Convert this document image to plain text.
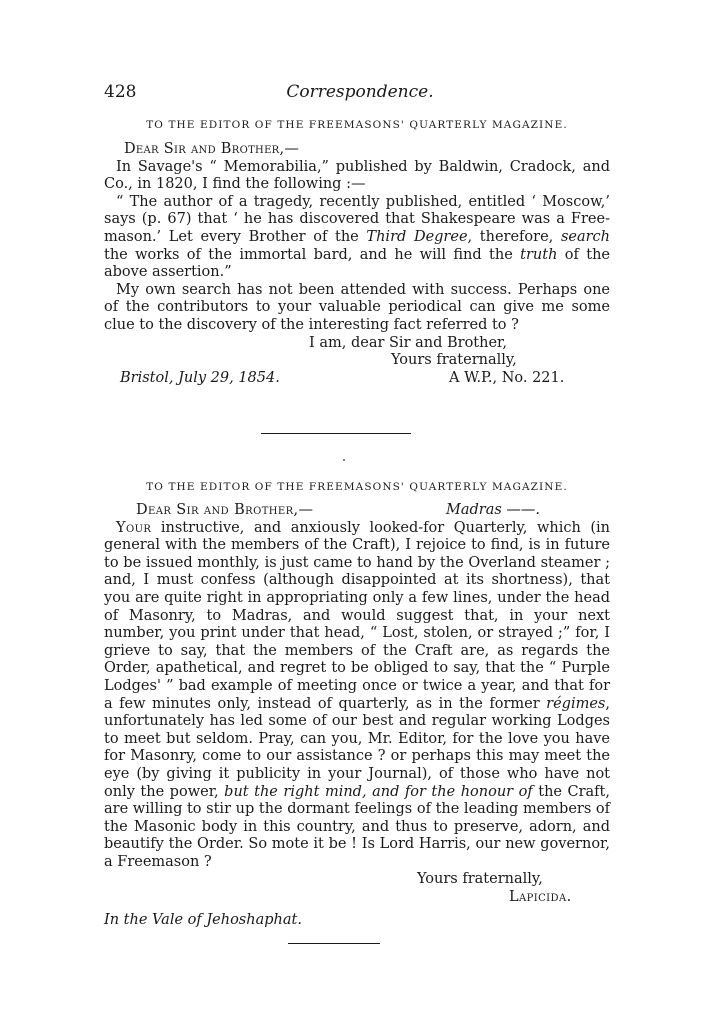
428	Correspondence.
TO THE EDITOR OF THE FREEMASONS' QUARTERLY MAGAZINE.
Dear Sir and Brother,—

In Savage's “ Memorabilia,” published by Baldwin, Cradock, and Co., in 1820, I find the following :—

“ The author of a tragedy, recently published, entitled ‘ Moscow,’ says (p. 67) that ‘ he has discovered that Shakespeare was a Free-mason.’ Let every Brother of the Third Degree, therefore, search the works of the immortal bard, and he will find the truth of the above assertion.”

My own search has not been attended with success. Perhaps one of the contributors to your valuable periodical can give me some clue to the discovery of the interesting fact referred to ?

I am, dear Sir and Brother,
Yours fraternally,
Bristol, July 29, 1854.	A W.P., No. 221.
TO THE EDITOR OF THE FREEMASONS' QUARTERLY MAGAZINE.
Dear Sir and Brother,—	Madras ——.

Your instructive, and anxiously looked-for Quarterly, which (in general with the members of the Craft), I rejoice to find, is in future to be issued monthly, is just came to hand by the Overland steamer ; and, I must confess (although disappointed at its shortness), that you are quite right in appropriating only a few lines, under the head of Masonry, to Madras, and would suggest that, in your next number, you print under that head, “ Lost, stolen, or strayed ;” for, I grieve to say, that the members of the Craft are, as regards the Order, apathetical, and regret to be obliged to say, that the “ Purple Lodges' ” bad example of meeting once or twice a year, and that for a few minutes only, instead of quarterly, as in the former régimes, unfortunately has led some of our best and regular working Lodges to meet but seldom. Pray, can you, Mr. Editor, for the love you have for Masonry, come to our assistance ? or perhaps this may meet the eye (by giving it publicity in your Journal), of those who have not only the power, but the right mind, and for the honour of the Craft, are willing to stir up the dormant feelings of the leading members of the Masonic body in this country, and thus to preserve, adorn, and beautify the Order. So mote it be ! Is Lord Harris, our new governor, a Freemason ?

Yours fraternally,
Lapicida.
In the Vale of Jehoshaphat.
